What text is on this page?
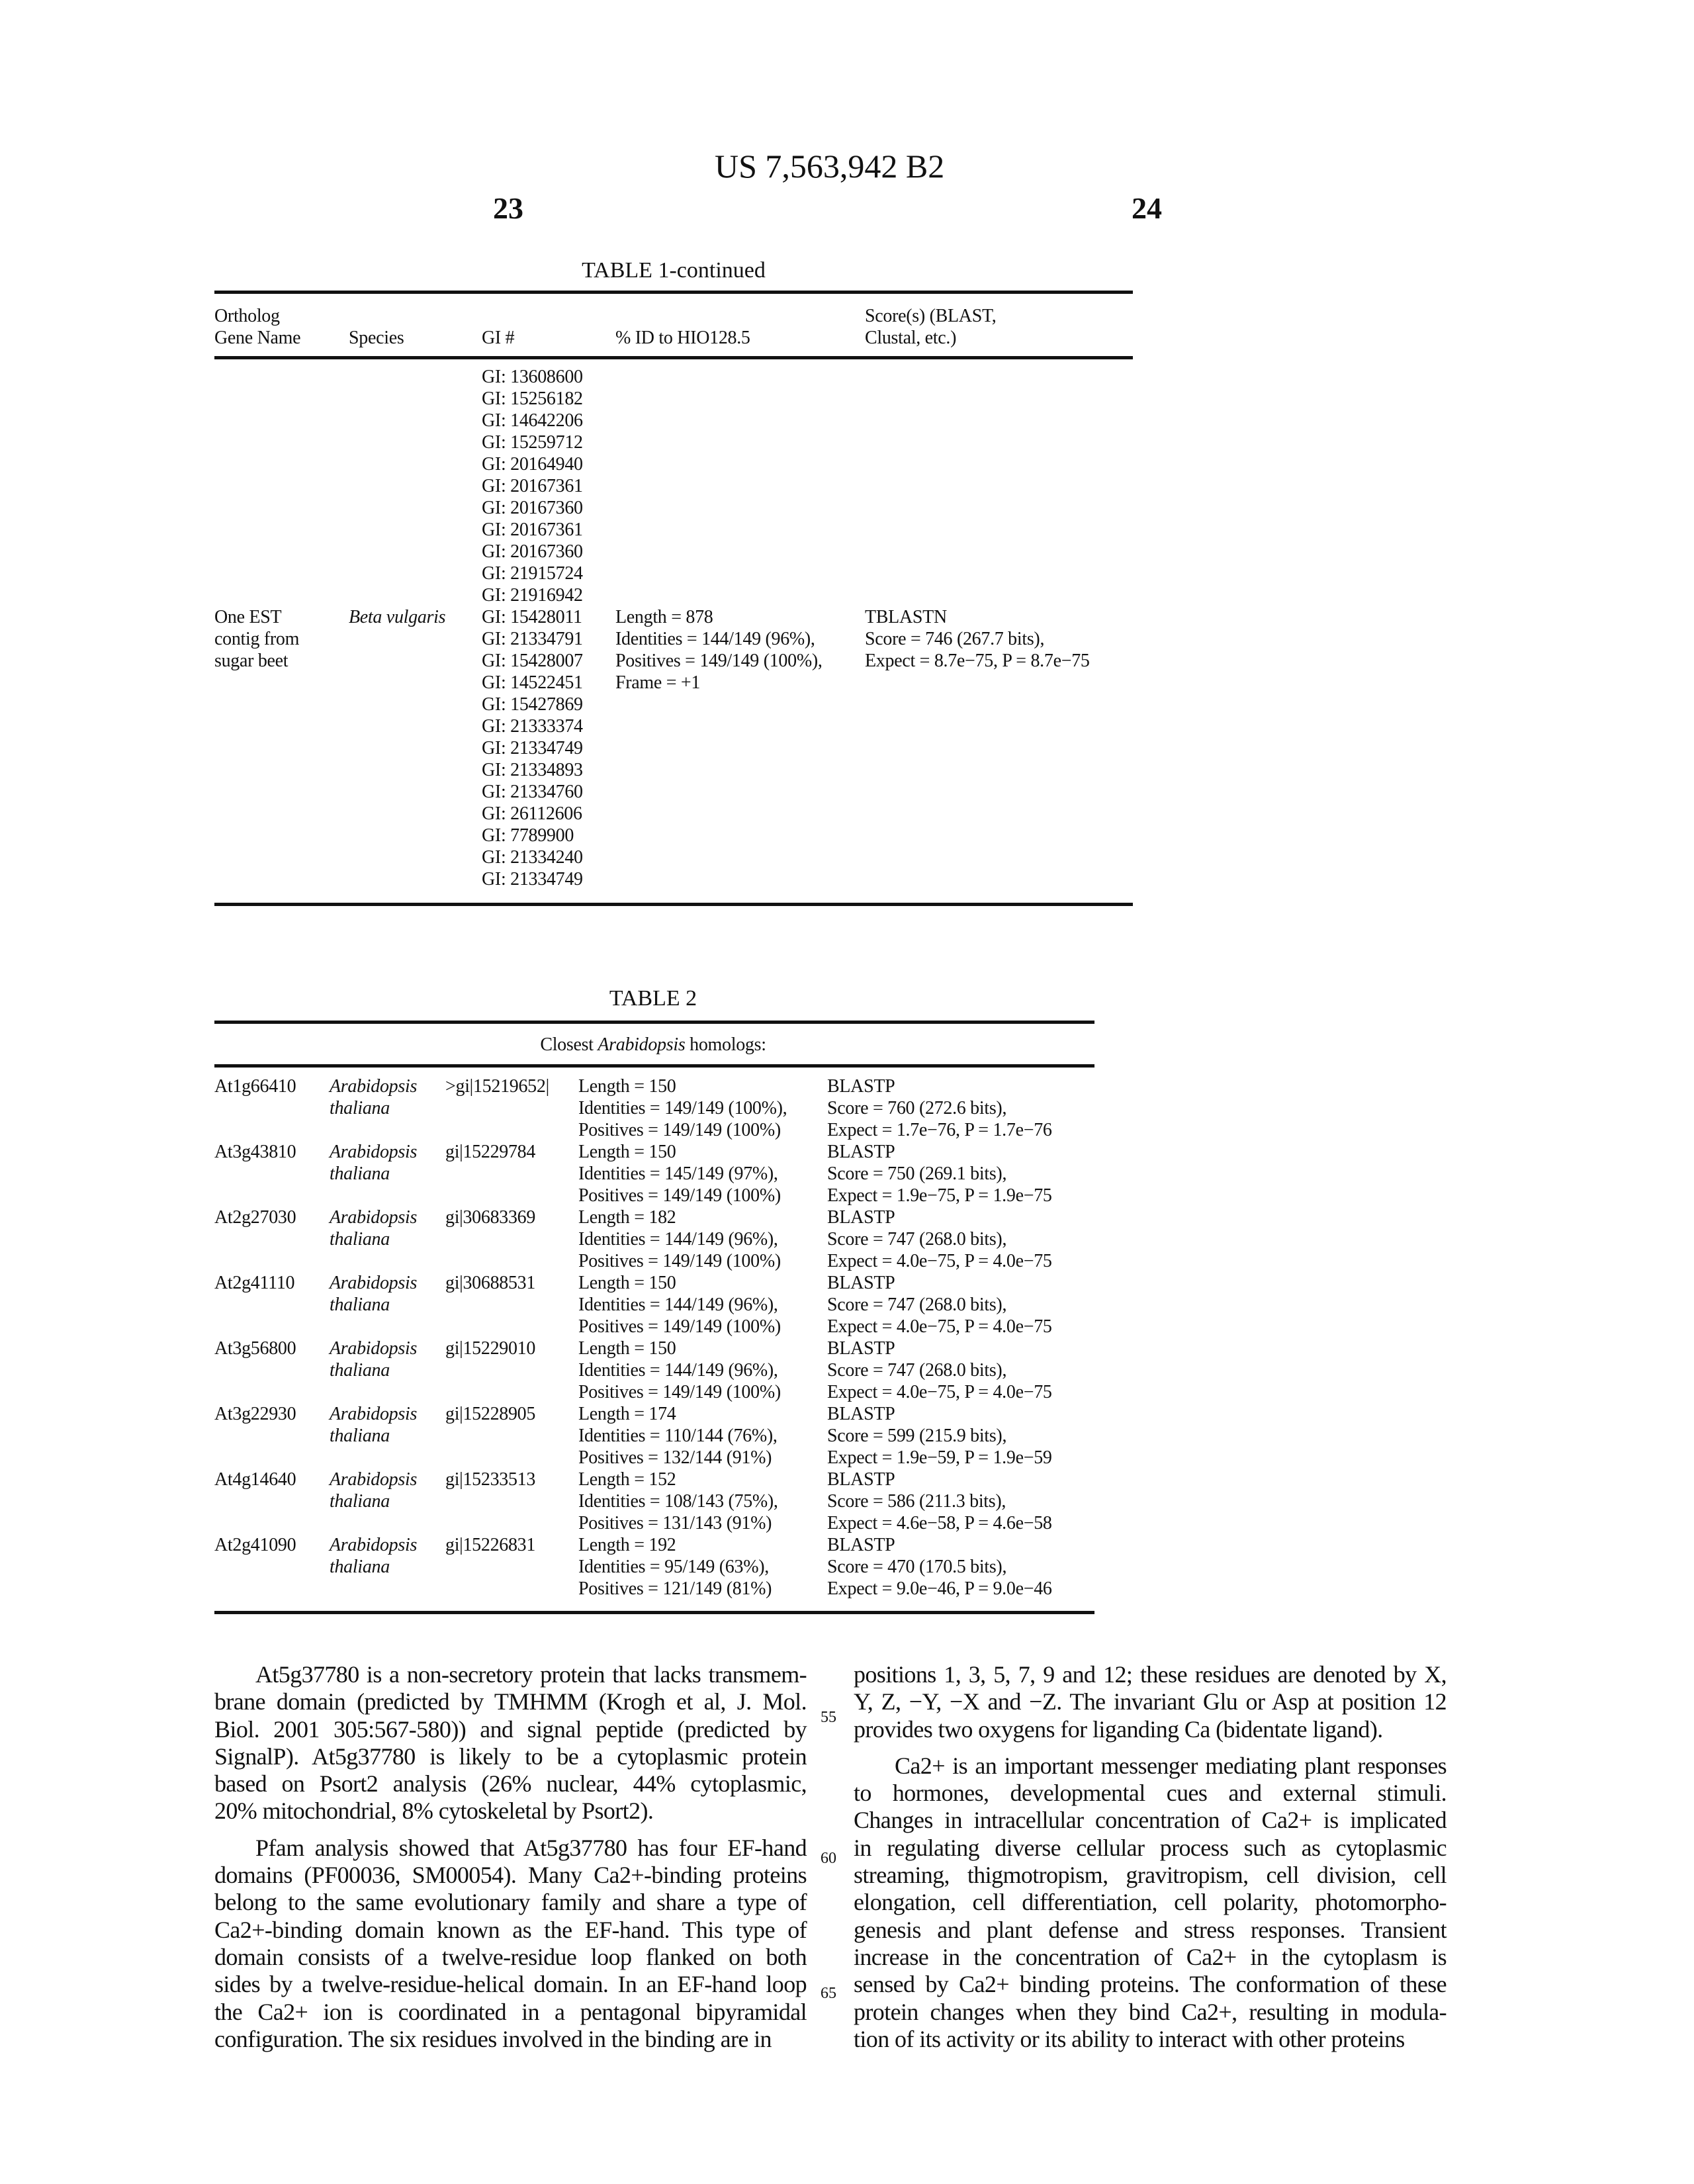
US 7,563,942 B2
23	24
TABLE 1-continued
Ortholog
Gene Name	Species	GI #	% ID to HIO128.5
Score(s) (BLAST,
Clustal, etc.)
GI: 13608600
GI: 15256182
GI: 14642206
GI: 15259712
GI: 20164940
GI: 20167361
GI: 20167360
GI: 20167361
GI: 20167360
GI: 21915724
GI: 21916942
GI: 15428011
GI: 21334791
GI: 15428007
GI: 14522451
GI: 15427869
GI: 21333374
GI: 21334749
GI: 21334893
GI: 21334760
GI: 26112606
GI: 7789900
GI: 21334240
GI: 21334749
One EST
contig from
sugar beet
Beta vulgaris	Length = 878
Identities = 144/149 (96%),
Positives = 149/149 (100%),
Frame = +1
TBLASTN
Score = 746 (267.7 bits),
Expect = 8.7e−75, P = 8.7e−75
TABLE 2
Closest Arabidopsis homologs:
At1g66410 Arabidopsis
thaliana
>gi|15219652| Length = 150
Identities = 149/149 (100%),
Positives = 149/149 (100%)
BLASTP
Score = 760 (272.6 bits),
Expect = 1.7e−76, P = 1.7e−76
At3g43810 Arabidopsis
thaliana
gi|15229784 Length = 150
Identities = 145/149 (97%),
Positives = 149/149 (100%)
BLASTP
Score = 750 (269.1 bits),
Expect = 1.9e−75, P = 1.9e−75
At2g27030 Arabidopsis
thaliana
gi|30683369 Length = 182
Identities = 144/149 (96%),
Positives = 149/149 (100%)
BLASTP
Score = 747 (268.0 bits),
Expect = 4.0e−75, P = 4.0e−75
At2g41110 Arabidopsis
thaliana
gi|30688531 Length = 150
Identities = 144/149 (96%),
Positives = 149/149 (100%)
BLASTP
Score = 747 (268.0 bits),
Expect = 4.0e−75, P = 4.0e−75
At3g56800 Arabidopsis
thaliana
gi|15229010 Length = 150
Identities = 144/149 (96%),
Positives = 149/149 (100%)
BLASTP
Score = 747 (268.0 bits),
Expect = 4.0e−75, P = 4.0e−75
At3g22930 Arabidopsis
thaliana
gi|15228905 Length = 174
Identities = 110/144 (76%),
Positives = 132/144 (91%)
BLASTP
Score = 599 (215.9 bits),
Expect = 1.9e−59, P = 1.9e−59
At4g14640 Arabidopsis
thaliana
gi|15233513 Length = 152
Identities = 108/143 (75%),
Positives = 131/143 (91%)
BLASTP
Score = 586 (211.3 bits),
Expect = 4.6e−58, P = 4.6e−58
At2g41090 Arabidopsis
thaliana
gi|15226831 Length = 192
Identities = 95/149 (63%),
Positives = 121/149 (81%)
BLASTP
Score = 470 (170.5 bits),
Expect = 9.0e−46, P = 9.0e−46
At5g37780 is a non-secretory protein that lacks transmem-
brane domain (predicted by TMHMM (Krogh et al, J. Mol.
Biol. 2001 305:567-580)) and signal peptide (predicted by
SignalP). At5g37780 is likely to be a cytoplasmic protein
based on Psort2 analysis (26% nuclear, 44% cytoplasmic,
20% mitochondrial, 8% cytoskeletal by Psort2).
Pfam analysis showed that At5g37780 has four EF-hand
domains (PF00036, SM00054). Many Ca2+-binding proteins
belong to the same evolutionary family and share a type of
Ca2+-binding domain known as the EF-hand. This type of
domain consists of a twelve-residue loop flanked on both
sides by a twelve-residue-helical domain. In an EF-hand loop
the Ca2+ ion is coordinated in a pentagonal bipyramidal
configuration. The six residues involved in the binding are in
positions 1, 3, 5, 7, 9 and 12; these residues are denoted by X,
Y, Z, −Y, −X and −Z. The invariant Glu or Asp at position 12
provides two oxygens for liganding Ca (bidentate ligand).
Ca2+ is an important messenger mediating plant responses
to hormones, developmental cues and external stimuli.
Changes in intracellular concentration of Ca2+ is implicated
in regulating diverse cellular process such as cytoplasmic
streaming, thigmotropism, gravitropism, cell division, cell
elongation, cell differentiation, cell polarity, photomorpho-
genesis and plant defense and stress responses. Transient
increase in the concentration of Ca2+ in the cytoplasm is
sensed by Ca2+ binding proteins. The conformation of these
protein changes when they bind Ca2+, resulting in modula-
tion of its activity or its ability to interact with other proteins
55
60
65
